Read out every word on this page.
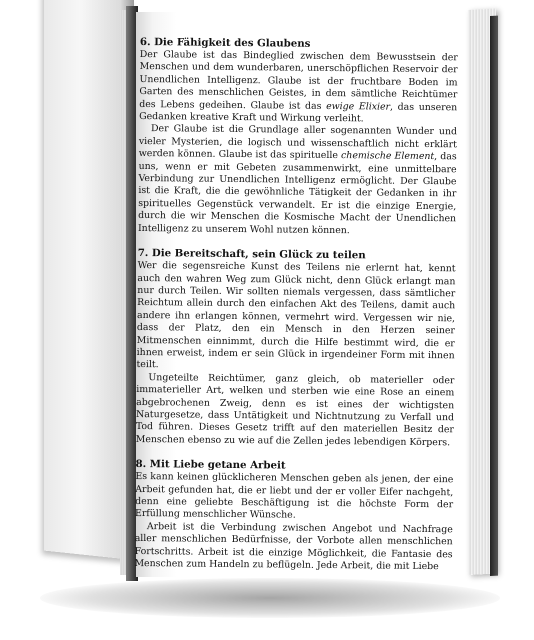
6. Die Fähigkeit des Glaubens

Der Glaube ist das Bindeglied zwischen dem Bewusstsein der Menschen und dem wunderbaren, unerschöpflichen Reservoir der Unendlichen Intelligenz. Glaube ist der fruchtbare Boden im Garten des menschlichen Geistes, in dem sämtliche Reichtümer des Lebens gedeihen. Glaube ist das ewige Elixier, das unseren Gedanken kreative Kraft und Wirkung verleiht.

Der Glaube ist die Grundlage aller sogenannten Wunder und vieler Mysterien, die logisch und wissenschaftlich nicht erklärt werden können. Glaube ist das spirituelle chemische Element, das uns, wenn er mit Gebeten zusammenwirkt, eine unmittelbare Verbindung zur Unendlichen Intelligenz ermöglicht. Der Glaube ist die Kraft, die die gewöhnliche Tätigkeit der Gedanken in ihr spirituelles Gegenstück verwandelt. Er ist die einzige Energie, durch die wir Menschen die Kosmische Macht der Unendlichen Intelligenz zu unserem Wohl nutzen können.

7. Die Bereitschaft, sein Glück zu teilen

Wer die segensreiche Kunst des Teilens nie erlernt hat, kennt auch den wahren Weg zum Glück nicht, denn Glück erlangt man nur durch Teilen. Wir sollten niemals vergessen, dass sämtlicher Reichtum allein durch den einfachen Akt des Teilens, damit auch andere ihn erlangen können, vermehrt wird. Vergessen wir nie, dass der Platz, den ein Mensch in den Herzen seiner Mitmenschen einnimmt, durch die Hilfe bestimmt wird, die er ihnen erweist, indem er sein Glück in irgendeiner Form mit ihnen teilt.

Ungeteilte Reichtümer, ganz gleich, ob materieller oder immaterieller Art, welken und sterben wie eine Rose an einem abgebrochenen Zweig, denn es ist eines der wichtigsten Naturgesetze, dass Untätigkeit und Nichtnutzung zu Verfall und Tod führen. Dieses Gesetz trifft auf den materiellen Besitz der Menschen ebenso zu wie auf die Zellen jedes lebendigen Körpers.

8. Mit Liebe getane Arbeit

Es kann keinen glücklicheren Menschen geben als jenen, der eine Arbeit gefunden hat, die er liebt und der er voller Eifer nachgeht, denn eine geliebte Beschäftigung ist die höchste Form der Erfüllung menschlicher Wünsche.

Arbeit ist die Verbindung zwischen Angebot und Nachfrage aller menschlichen Bedürfnisse, der Vorbote allen menschlichen Fortschritts. Arbeit ist die einzige Möglichkeit, die Fantasie des Menschen zum Handeln zu beflügeln. Jede Arbeit, die mit Liebe
